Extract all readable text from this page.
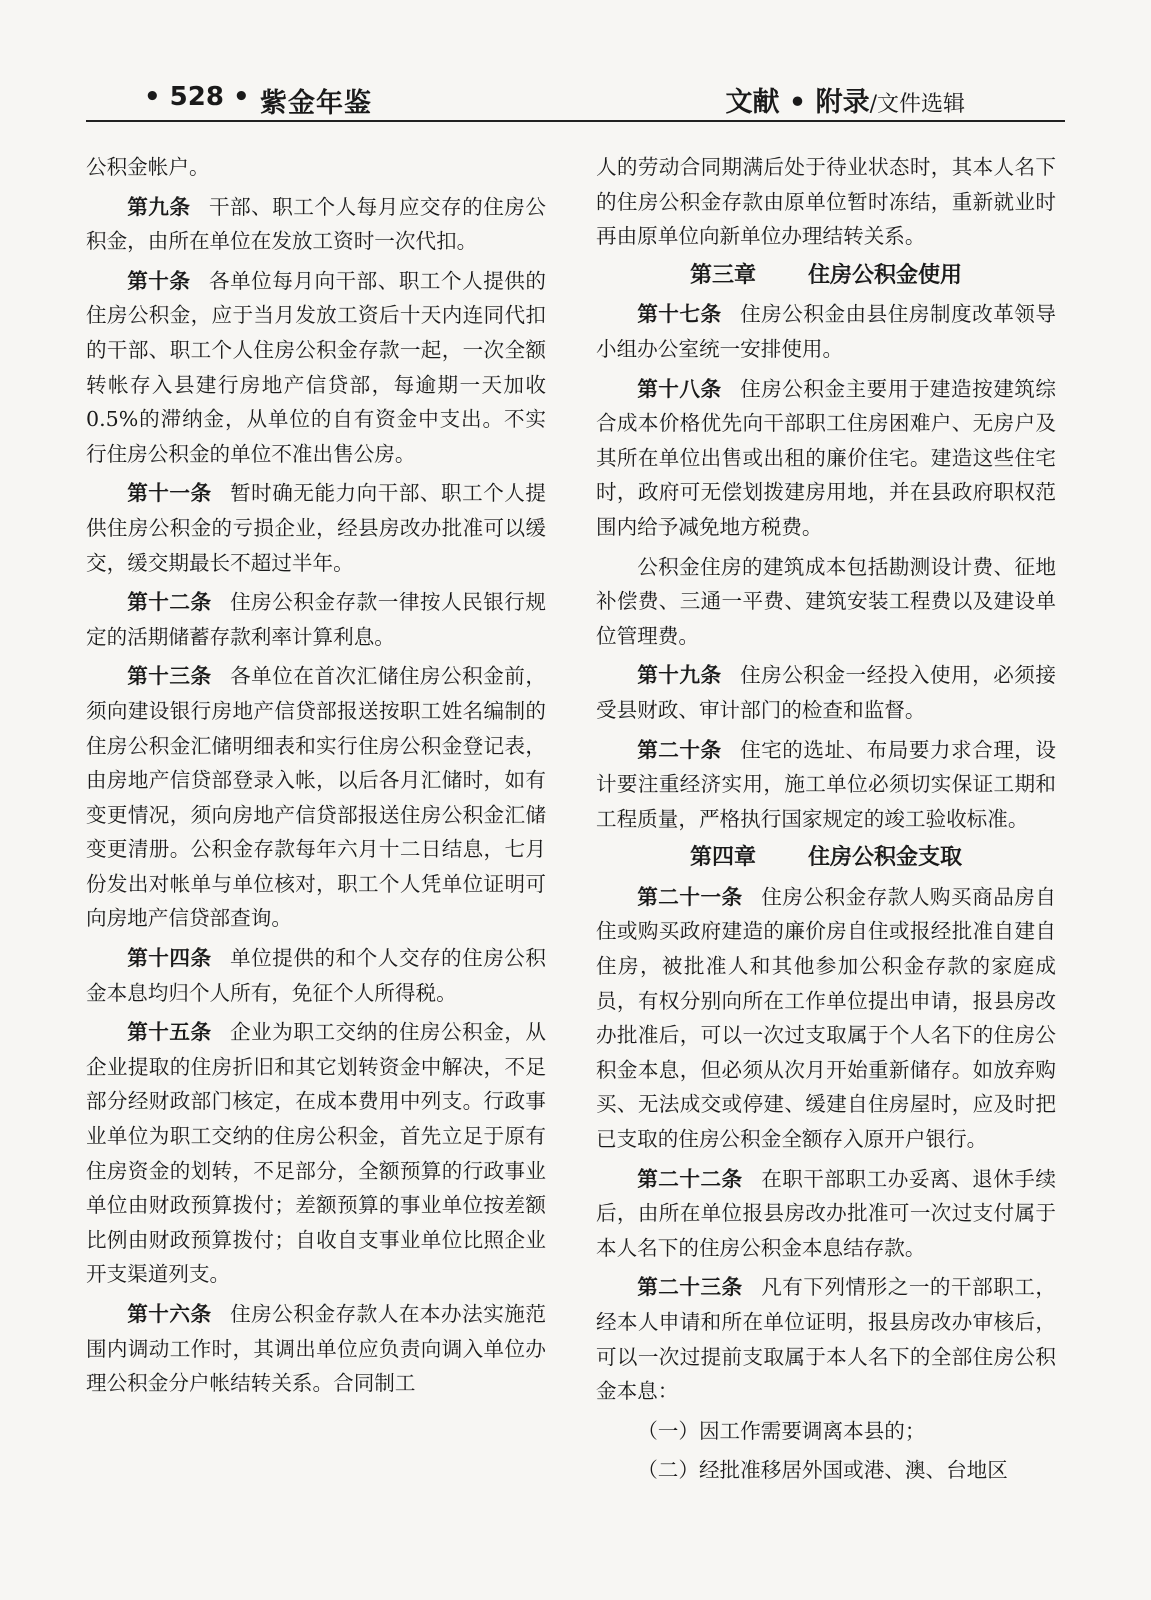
• 528 • 紫金年鉴	文献 • 附录/文件选辑

公积金帐户。

第九条 干部、职工个人每月应交存的住房公积金，由所在单位在发放工资时一次代扣。

第十条 各单位每月向干部、职工个人提供的住房公积金，应于当月发放工资后十天内连同代扣的干部、职工个人住房公积金存款一起，一次全额转帐存入县建行房地产信贷部，每逾期一天加收 0.5%的滞纳金，从单位的自有资金中支出。不实行住房公积金的单位不准出售公房。

第十一条 暂时确无能力向干部、职工个人提供住房公积金的亏损企业，经县房改办批准可以缓交，缓交期最长不超过半年。

第十二条 住房公积金存款一律按人民银行规定的活期储蓄存款利率计算利息。

第十三条 各单位在首次汇储住房公积金前，须向建设银行房地产信贷部报送按职工姓名编制的住房公积金汇储明细表和实行住房公积金登记表，由房地产信贷部登录入帐，以后各月汇储时，如有变更情况，须向房地产信贷部报送住房公积金汇储变更清册。公积金存款每年六月十二日结息，七月份发出对帐单与单位核对，职工个人凭单位证明可向房地产信贷部查询。

第十四条 单位提供的和个人交存的住房公积金本息均归个人所有，免征个人所得税。

第十五条 企业为职工交纳的住房公积金，从企业提取的住房折旧和其它划转资金中解决，不足部分经财政部门核定，在成本费用中列支。行政事业单位为职工交纳的住房公积金，首先立足于原有住房资金的划转，不足部分，全额预算的行政事业单位由财政预算拨付；差额预算的事业单位按差额比例由财政预算拨付；自收自支事业单位比照企业开支渠道列支。

第十六条 住房公积金存款人在本办法实施范围内调动工作时，其调出单位应负责向调入单位办理公积金分户帐结转关系。合同制工

人的劳动合同期满后处于待业状态时，其本人名下的住房公积金存款由原单位暂时冻结，重新就业时再由原单位向新单位办理结转关系。

第三章 住房公积金使用

第十七条 住房公积金由县住房制度改革领导小组办公室统一安排使用。

第十八条 住房公积金主要用于建造按建筑综合成本价格优先向干部职工住房困难户、无房户及其所在单位出售或出租的廉价住宅。建造这些住宅时，政府可无偿划拨建房用地，并在县政府职权范围内给予减免地方税费。

公积金住房的建筑成本包括勘测设计费、征地补偿费、三通一平费、建筑安装工程费以及建设单位管理费。

第十九条 住房公积金一经投入使用，必须接受县财政、审计部门的检查和监督。

第二十条 住宅的选址、布局要力求合理，设计要注重经济实用，施工单位必须切实保证工期和工程质量，严格执行国家规定的竣工验收标准。

第四章 住房公积金支取

第二十一条 住房公积金存款人购买商品房自住或购买政府建造的廉价房自住或报经批准自建自住房，被批准人和其他参加公积金存款的家庭成员，有权分别向所在工作单位提出申请，报县房改办批准后，可以一次过支取属于个人名下的住房公积金本息，但必须从次月开始重新储存。如放弃购买、无法成交或停建、缓建自住房屋时，应及时把已支取的住房公积金全额存入原开户银行。

第二十二条 在职干部职工办妥离、退休手续后，由所在单位报县房改办批准可一次过支付属于本人名下的住房公积金本息结存款。

第二十三条 凡有下列情形之一的干部职工，经本人申请和所在单位证明，报县房改办审核后，可以一次过提前支取属于本人名下的全部住房公积金本息：

（一）因工作需要调离本县的；

（二）经批准移居外国或港、澳、台地区
